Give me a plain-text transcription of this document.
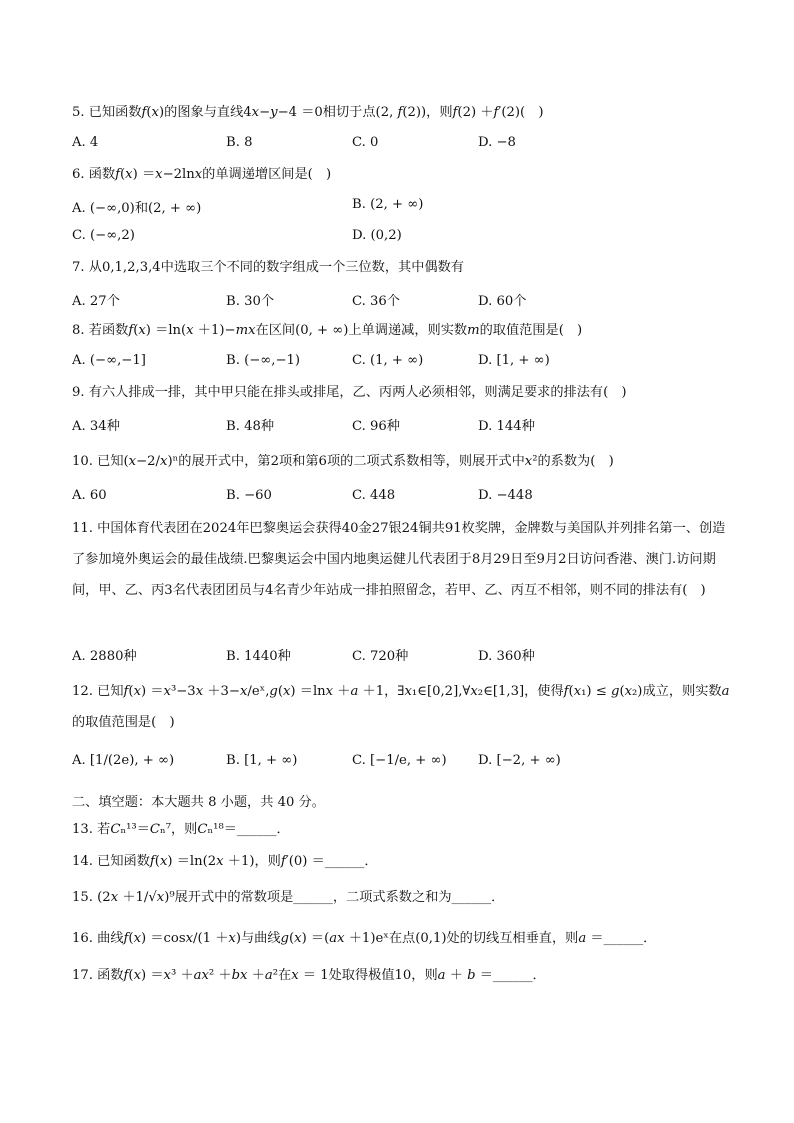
5. 已知函数𝑓(𝑥)的图象与直线4𝑥−𝑦−4 ＝0相切于点(2, 𝑓(2))，则𝑓(2) ＋𝑓′(2)(　)
A. 4	B. 8	C. 0	D. −8
6. 函数𝑓(𝑥) ＝𝑥−2ln𝑥的单调递增区间是(　)
A. (−∞,0)和(2, + ∞)	B. (2, + ∞)
C. (−∞,2)	D. (0,2)
7. 从0,1,2,3,4中选取三个不同的数字组成一个三位数，其中偶数有
A. 27个	B. 30个	C. 36个	D. 60个
8. 若函数𝑓(𝑥) ＝ln(𝑥 ＋1)−𝑚𝑥在区间(0, + ∞)上单调递减，则实数𝑚的取值范围是(　)
A. (−∞,−1]	B. (−∞,−1)	C. (1, + ∞)	D. [1, + ∞)
9. 有六人排成一排，其中甲只能在排头或排尾，乙、丙两人必须相邻，则满足要求的排法有(　)
A. 34种	B. 48种	C. 96种	D. 144种
10. 已知(𝑥−2/𝑥)ⁿ的展开式中，第2项和第6项的二项式系数相等，则展开式中𝑥²的系数为(　)
A. 60	B. −60	C. 448	D. −448
11. 中国体育代表团在2024年巴黎奥运会获得40金27银24铜共91枚奖牌，金牌数与美国队并列排名第一、创造了参加境外奥运会的最佳战绩.巴黎奥运会中国内地奥运健儿代表团于8月29日至9月2日访问香港、澳门.访问期间，甲、乙、丙3名代表团团员与4名青少年站成一排拍照留念，若甲、乙、丙互不相邻，则不同的排法有(　)
A. 2880种	B. 1440种	C. 720种	D. 360种
12. 已知𝑓(𝑥) ＝𝑥³−3𝑥 ＋3−𝑥/eˣ,𝑔(𝑥) ＝ln𝑥 ＋𝑎 ＋1，∃𝑥₁∈[0,2],∀𝑥₂∈[1,3]，使得𝑓(𝑥₁) ≤ 𝑔(𝑥₂)成立，则实数𝑎的取值范围是(　)
A. [1/(2e), + ∞)	B. [1, + ∞)	C. [−1/e, + ∞) D. [−2, + ∞)
二、填空题：本大题共 8 小题，共 40 分。
13. 若𝐶ₙ¹³＝𝐶ₙ⁷，则𝐶ₙ¹⁸＝______．
14. 已知函数𝑓(𝑥) ＝ln(2𝑥 ＋1)，则𝑓′(0) ＝______．
15. (2𝑥 ＋1/√𝑥)⁹展开式中的常数项是______，二项式系数之和为______．
16. 曲线𝑓(𝑥) ＝cos𝑥/(1 ＋𝑥)与曲线𝑔(𝑥) ＝(𝑎𝑥 ＋1)eˣ在点(0,1)处的切线互相垂直，则𝑎 ＝______．
17. 函数𝑓(𝑥) ＝𝑥³ ＋𝑎𝑥² ＋𝑏𝑥 ＋𝑎²在𝑥 ＝ 1处取得极值10，则𝑎 ＋ 𝑏 ＝______．
